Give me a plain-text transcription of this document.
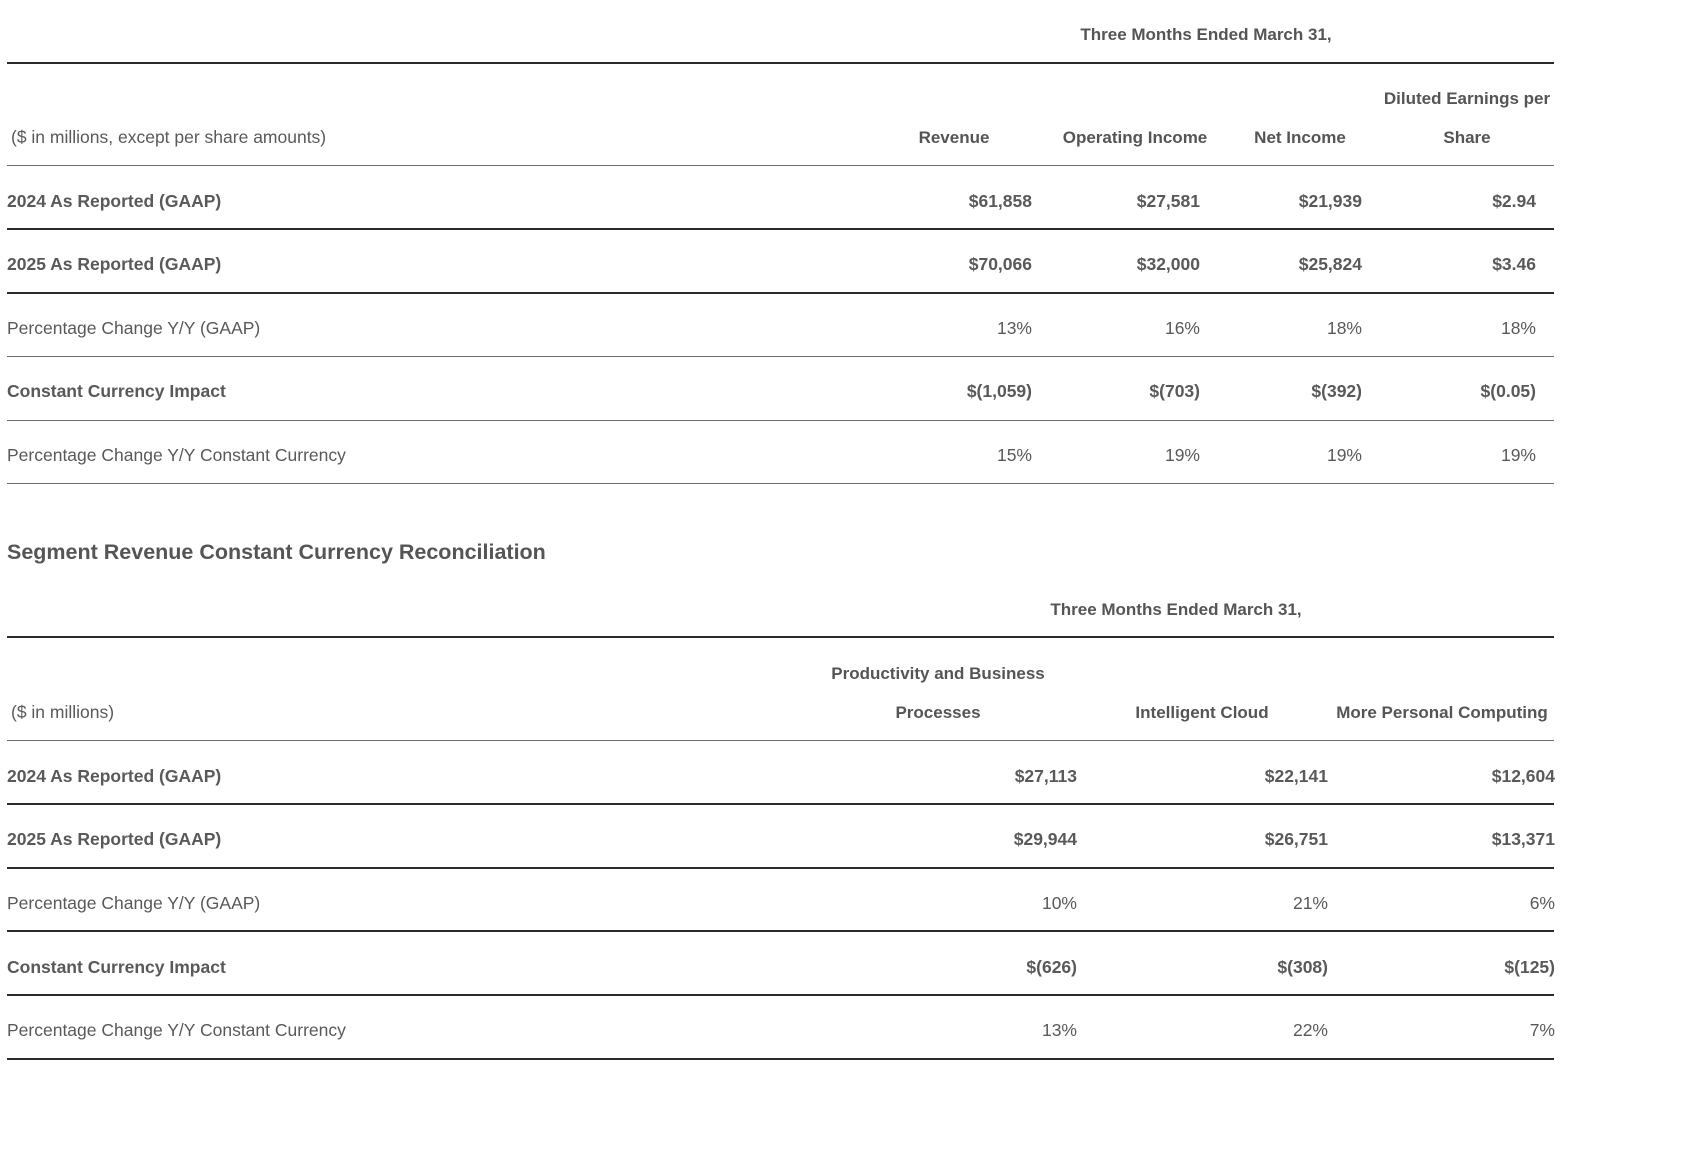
Three Months Ended March 31,
Diluted Earnings per
($ in millions, except per share amounts)	Revenue	Operating Income	Net Income	Share
2024 As Reported (GAAP)	$61,858	$27,581	$21,939	$2.94
2025 As Reported (GAAP)	$70,066	$32,000	$25,824	$3.46
Percentage Change Y/Y (GAAP)	13%	16%	18%	18%
Constant Currency Impact	$(1,059)	$(703)	$(392)	$(0.05)
Percentage Change Y/Y Constant Currency	15%	19%	19%	19%
Segment Revenue Constant Currency Reconciliation
Three Months Ended March 31,
Productivity and Business
($ in millions)	Processes	Intelligent Cloud	More Personal Computing
2024 As Reported (GAAP)	$27,113	$22,141	$12,604
2025 As Reported (GAAP)	$29,944	$26,751	$13,371
Percentage Change Y/Y (GAAP)	10%	21%	6%
Constant Currency Impact	$(626)	$(308)	$(125)
Percentage Change Y/Y Constant Currency	13%	22%	7%
